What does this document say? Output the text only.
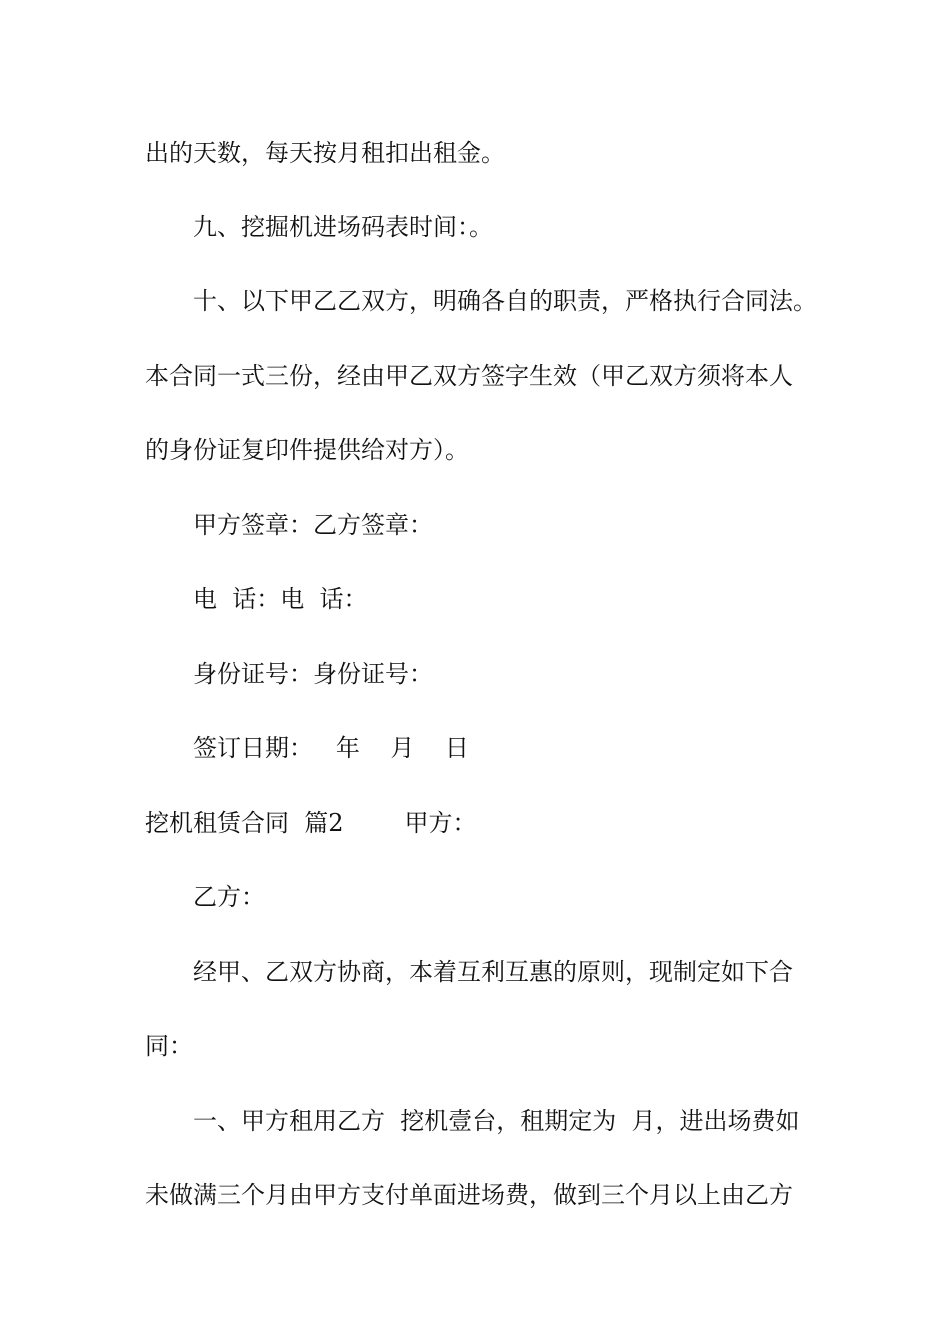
出的天数，每天按月租扣出租金。
九、挖掘机进场码表时间：。
十、以下甲乙乙双方，明确各自的职责，严格执行合同法。
本合同一式三份，经由甲乙双方签字生效（甲乙双方须将本人
的身份证复印件提供给对方）。
甲方签章：乙方签章：
电  话：电  话：
身份证号：身份证号：
签订日期：   年    月    日
挖机租赁合同  篇2        甲方：
乙方：
经甲、乙双方协商，本着互利互惠的原则，现制定如下合
同：
一、甲方租用乙方  挖机壹台，租期定为  月，进出场费如
未做满三个月由甲方支付单面进场费，做到三个月以上由乙方
